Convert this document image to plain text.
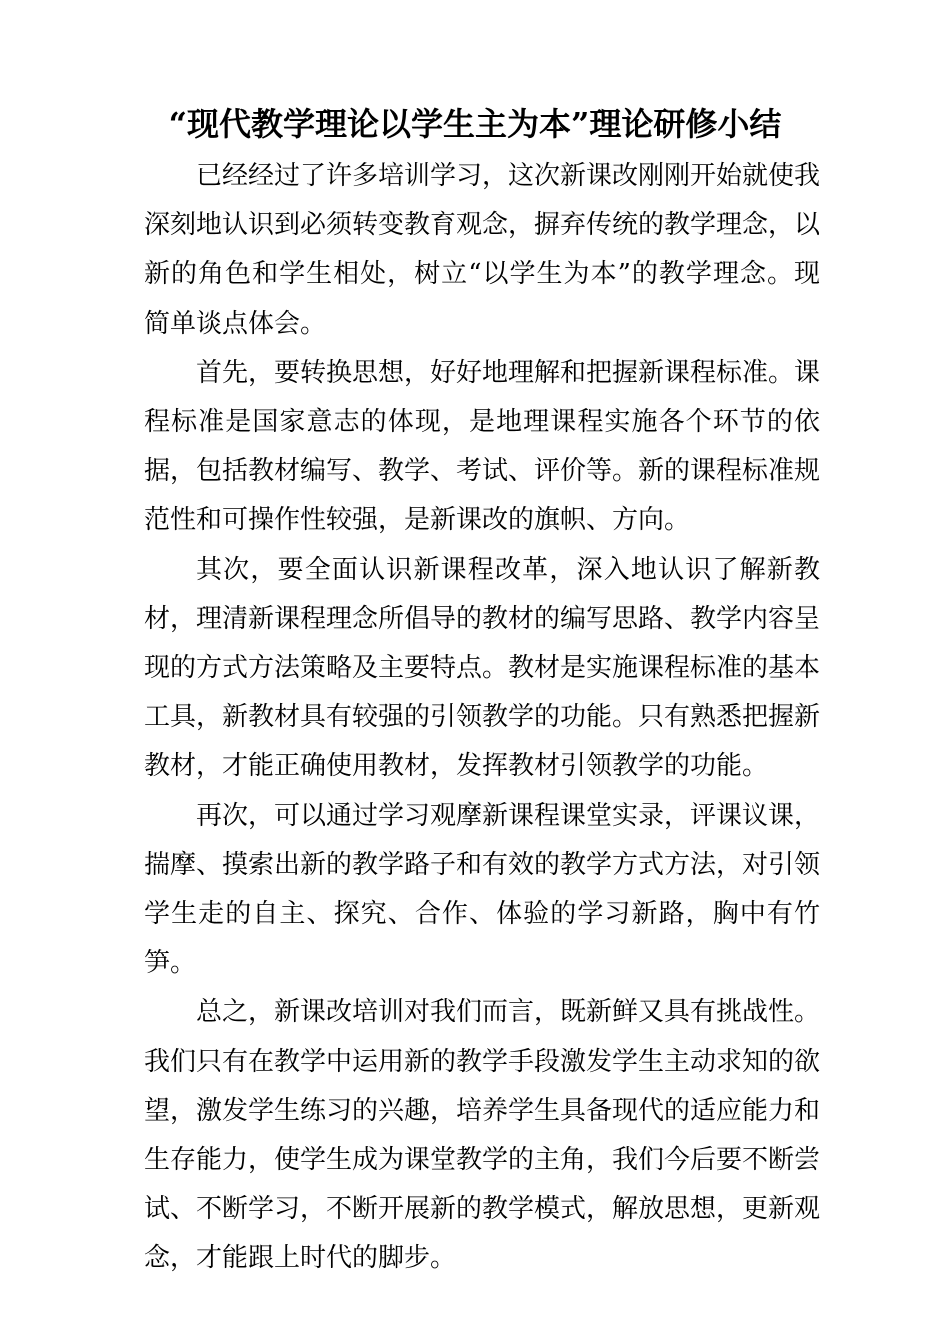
“现代教学理论以学生主为本”理论研修小结

已经经过了许多培训学习，这次新课改刚刚开始就使我深刻地认识到必须转变教育观念，摒弃传统的教学理念，以新的角色和学生相处，树立“以学生为本”的教学理念。现简单谈点体会。

首先，要转换思想，好好地理解和把握新课程标准。课程标准是国家意志的体现，是地理课程实施各个环节的依据，包括教材编写、教学、考试、评价等。新的课程标准规范性和可操作性较强，是新课改的旗帜、方向。

其次，要全面认识新课程改革，深入地认识了解新教材，理清新课程理念所倡导的教材的编写思路、教学内容呈现的方式方法策略及主要特点。教材是实施课程标准的基本工具，新教材具有较强的引领教学的功能。只有熟悉把握新教材，才能正确使用教材，发挥教材引领教学的功能。

再次，可以通过学习观摩新课程课堂实录，评课议课，揣摩、摸索出新的教学路子和有效的教学方式方法，对引领学生走的自主、探究、合作、体验的学习新路，胸中有竹笋。

总之，新课改培训对我们而言，既新鲜又具有挑战性。我们只有在教学中运用新的教学手段激发学生主动求知的欲望，激发学生练习的兴趣，培养学生具备现代的适应能力和生存能力，使学生成为课堂教学的主角，我们今后要不断尝试、不断学习，不断开展新的教学模式，解放思想，更新观念，才能跟上时代的脚步。
